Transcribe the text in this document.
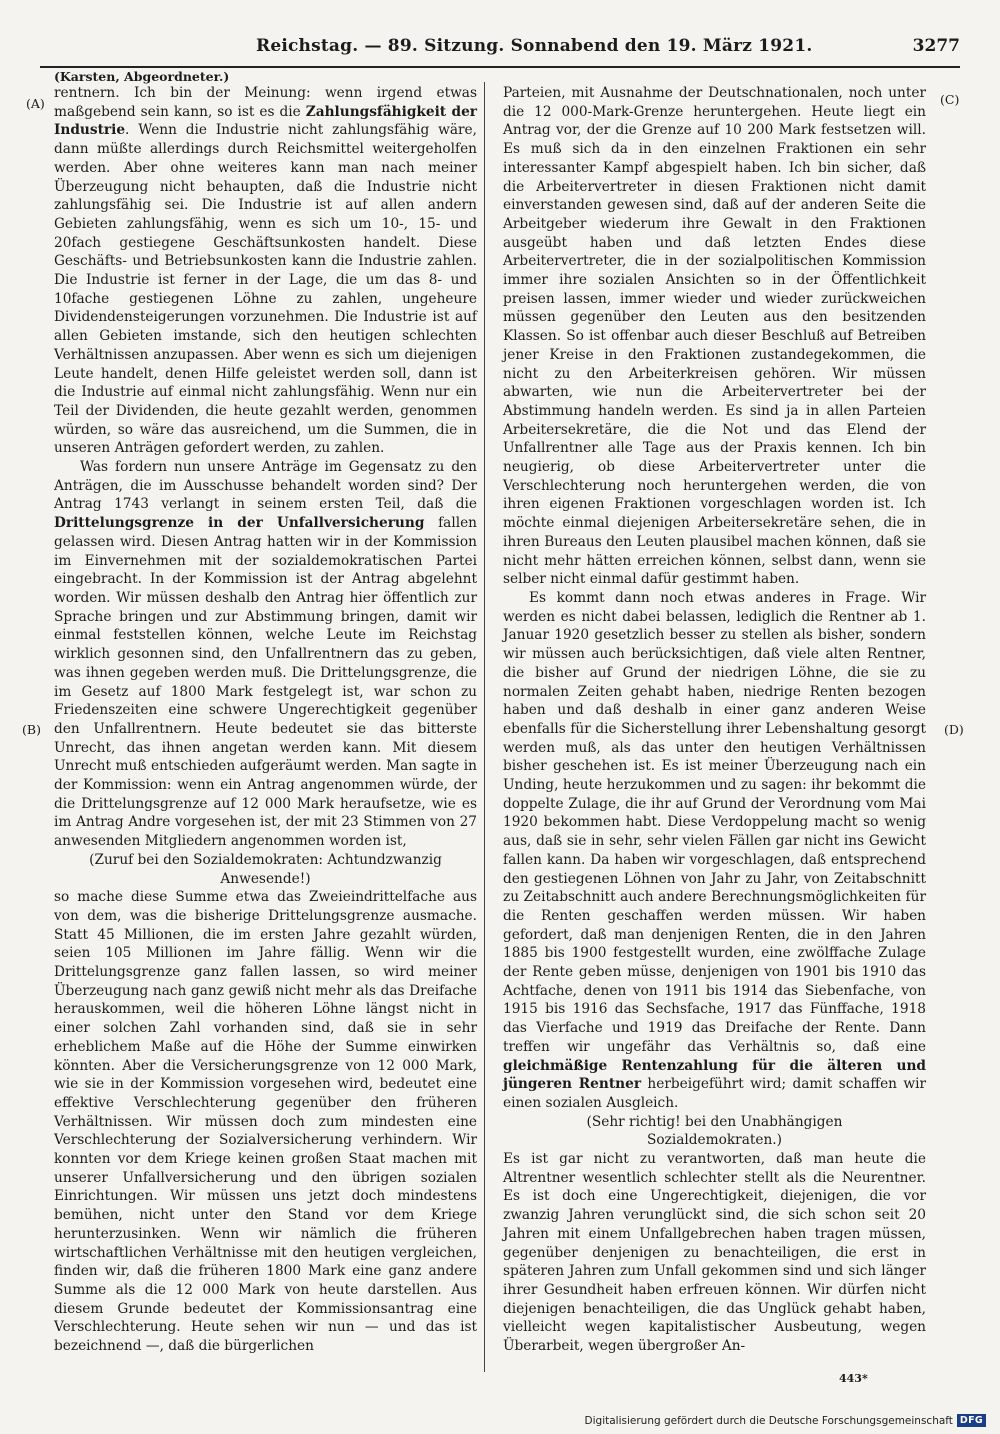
Reichstag. — 89. Sitzung. Sonnabend den 19. März 1921.	3277
(Karsten, Abgeordneter.)
(A)
(B)
(C)
(D)

rentnern. Ich bin der Meinung: wenn irgend etwas maßgebend sein kann, so ist es die Zahlungsfähigkeit der Industrie. Wenn die Industrie nicht zahlungsfähig wäre, dann müßte allerdings durch Reichsmittel weitergeholfen werden. Aber ohne weiteres kann man nach meiner Überzeugung nicht behaupten, daß die Industrie nicht zahlungsfähig sei. Die Industrie ist auf allen andern Gebieten zahlungsfähig, wenn es sich um 10-, 15- und 20fach gestiegene Geschäftsunkosten handelt. Diese Geschäfts- und Betriebsunkosten kann die Industrie zahlen. Die Industrie ist ferner in der Lage, die um das 8- und 10fache gestiegenen Löhne zu zahlen, ungeheure Dividendensteigerungen vorzunehmen. Die Industrie ist auf allen Gebieten imstande, sich den heutigen schlechten Verhältnissen anzupassen. Aber wenn es sich um diejenigen Leute handelt, denen Hilfe geleistet werden soll, dann ist die Industrie auf einmal nicht zahlungsfähig. Wenn nur ein Teil der Dividenden, die heute gezahlt werden, genommen würden, so wäre das ausreichend, um die Summen, die in unseren Anträgen gefordert werden, zu zahlen.

Was fordern nun unsere Anträge im Gegensatz zu den Anträgen, die im Ausschusse behandelt worden sind? Der Antrag 1743 verlangt in seinem ersten Teil, daß die Drittelungsgrenze in der Unfallversicherung fallen gelassen wird. Diesen Antrag hatten wir in der Kommission im Einvernehmen mit der sozialdemokratischen Partei eingebracht. In der Kommission ist der Antrag abgelehnt worden. Wir müssen deshalb den Antrag hier öffentlich zur Sprache bringen und zur Abstimmung bringen, damit wir einmal feststellen können, welche Leute im Reichstag wirklich gesonnen sind, den Unfallrentnern das zu geben, was ihnen gegeben werden muß. Die Drittelungsgrenze, die im Gesetz auf 1800 Mark festgelegt ist, war schon zu Friedenszeiten eine schwere Ungerechtigkeit gegenüber den Unfallrentnern. Heute bedeutet sie das bitterste Unrecht, das ihnen angetan werden kann. Mit diesem Unrecht muß entschieden aufgeräumt werden. Man sagte in der Kommission: wenn ein Antrag angenommen würde, der die Drittelungsgrenze auf 12 000 Mark heraufsetze, wie es im Antrag Andre vorgesehen ist, der mit 23 Stimmen von 27 anwesenden Mitgliedern angenommen worden ist,

(Zuruf bei den Sozialdemokraten: Achtundzwanzig Anwesende!)

so mache diese Summe etwa das Zweieindrittelfache aus von dem, was die bisherige Drittelungsgrenze ausmache. Statt 45 Millionen, die im ersten Jahre gezahlt würden, seien 105 Millionen im Jahre fällig. Wenn wir die Drittelungsgrenze ganz fallen lassen, so wird meiner Überzeugung nach ganz gewiß nicht mehr als das Dreifache herauskommen, weil die höheren Löhne längst nicht in einer solchen Zahl vorhanden sind, daß sie in sehr erheblichem Maße auf die Höhe der Summe einwirken könnten. Aber die Versicherungsgrenze von 12 000 Mark, wie sie in der Kommission vorgesehen wird, bedeutet eine effektive Verschlechterung gegenüber den früheren Verhältnissen. Wir müssen doch zum mindesten eine Verschlechterung der Sozialversicherung verhindern. Wir konnten vor dem Kriege keinen großen Staat machen mit unserer Unfallversicherung und den übrigen sozialen Einrichtungen. Wir müssen uns jetzt doch mindestens bemühen, nicht unter den Stand vor dem Kriege herunterzusinken. Wenn wir nämlich die früheren wirtschaftlichen Verhältnisse mit den heutigen vergleichen, finden wir, daß die früheren 1800 Mark eine ganz andere Summe als die 12 000 Mark von heute darstellen. Aus diesem Grunde bedeutet der Kommissionsantrag eine Verschlechterung. Heute sehen wir nun — und das ist bezeichnend —, daß die bürgerlichen

Parteien, mit Ausnahme der Deutschnationalen, noch unter die 12 000-Mark-Grenze heruntergehen. Heute liegt ein Antrag vor, der die Grenze auf 10 200 Mark festsetzen will. Es muß sich da in den einzelnen Fraktionen ein sehr interessanter Kampf abgespielt haben. Ich bin sicher, daß die Arbeitervertreter in diesen Fraktionen nicht damit einverstanden gewesen sind, daß auf der anderen Seite die Arbeitgeber wiederum ihre Gewalt in den Fraktionen ausgeübt haben und daß letzten Endes diese Arbeitervertreter, die in der sozialpolitischen Kommission immer ihre sozialen Ansichten so in der Öffentlichkeit preisen lassen, immer wieder und wieder zurückweichen müssen gegenüber den Leuten aus den besitzenden Klassen. So ist offenbar auch dieser Beschluß auf Betreiben jener Kreise in den Fraktionen zustandegekommen, die nicht zu den Arbeiterkreisen gehören. Wir müssen abwarten, wie nun die Arbeitervertreter bei der Abstimmung handeln werden. Es sind ja in allen Parteien Arbeitersekretäre, die die Not und das Elend der Unfallrentner alle Tage aus der Praxis kennen. Ich bin neugierig, ob diese Arbeitervertreter unter die Verschlechterung noch heruntergehen werden, die von ihren eigenen Fraktionen vorgeschlagen worden ist. Ich möchte einmal diejenigen Arbeitersekretäre sehen, die in ihren Bureaus den Leuten plausibel machen können, daß sie nicht mehr hätten erreichen können, selbst dann, wenn sie selber nicht einmal dafür gestimmt haben.

Es kommt dann noch etwas anderes in Frage. Wir werden es nicht dabei belassen, lediglich die Rentner ab 1. Januar 1920 gesetzlich besser zu stellen als bisher, sondern wir müssen auch berücksichtigen, daß viele alten Rentner, die bisher auf Grund der niedrigen Löhne, die sie zu normalen Zeiten gehabt haben, niedrige Renten bezogen haben und daß deshalb in einer ganz anderen Weise ebenfalls für die Sicherstellung ihrer Lebenshaltung gesorgt werden muß, als das unter den heutigen Verhältnissen bisher geschehen ist. Es ist meiner Überzeugung nach ein Unding, heute herzukommen und zu sagen: ihr bekommt die doppelte Zulage, die ihr auf Grund der Verordnung vom Mai 1920 bekommen habt. Diese Verdoppelung macht so wenig aus, daß sie in sehr, sehr vielen Fällen gar nicht ins Gewicht fallen kann. Da haben wir vorgeschlagen, daß entsprechend den gestiegenen Löhnen von Jahr zu Jahr, von Zeitabschnitt zu Zeitabschnitt auch andere Berechnungsmöglichkeiten für die Renten geschaffen werden müssen. Wir haben gefordert, daß man denjenigen Renten, die in den Jahren 1885 bis 1900 festgestellt wurden, eine zwölffache Zulage der Rente geben müsse, denjenigen von 1901 bis 1910 das Achtfache, denen von 1911 bis 1914 das Siebenfache, von 1915 bis 1916 das Sechsfache, 1917 das Fünffache, 1918 das Vierfache und 1919 das Dreifache der Rente. Dann treffen wir ungefähr das Verhältnis so, daß eine gleichmäßige Rentenzahlung für die älteren und jüngeren Rentner herbeigeführt wird; damit schaffen wir einen sozialen Ausgleich.

(Sehr richtig! bei den Unabhängigen Sozialdemokraten.)

Es ist gar nicht zu verantworten, daß man heute die Altrentner wesentlich schlechter stellt als die Neurentner. Es ist doch eine Ungerechtigkeit, diejenigen, die vor zwanzig Jahren verunglückt sind, die sich schon seit 20 Jahren mit einem Unfallgebrechen haben tragen müssen, gegenüber denjenigen zu benachteiligen, die erst in späteren Jahren zum Unfall gekommen sind und sich länger ihrer Gesundheit haben erfreuen können. Wir dürfen nicht diejenigen benachteiligen, die das Unglück gehabt haben, vielleicht wegen kapitalistischer Ausbeutung, wegen Überarbeit, wegen übergroßer An-

443*
Digitalisierung gefördert durch die Deutsche Forschungsgemeinschaft DFG
